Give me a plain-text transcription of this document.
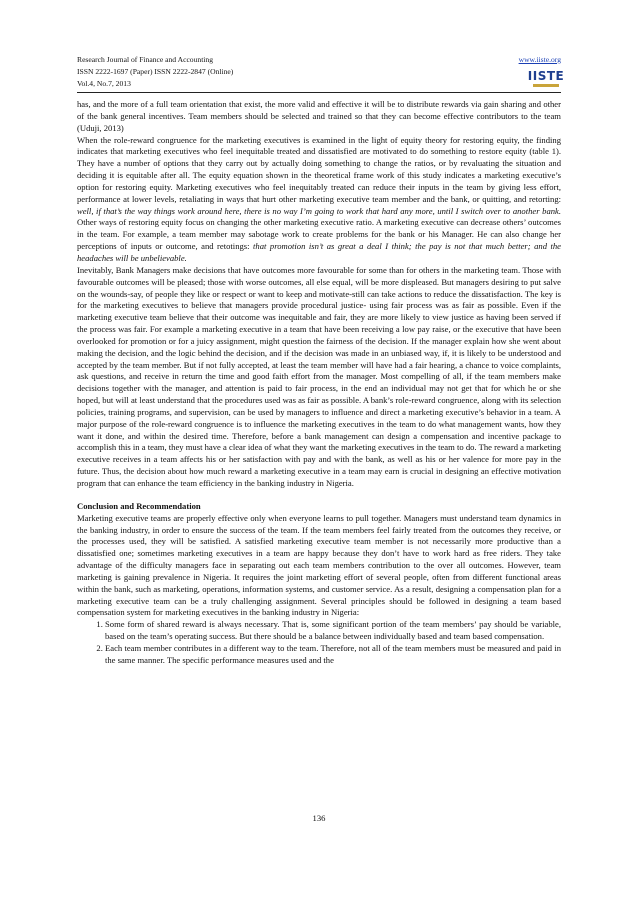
Research Journal of Finance and Accounting
ISSN 2222-1697 (Paper) ISSN 2222-2847 (Online)
Vol.4, No.7, 2013
www.iiste.org
IISTE

has, and the more of a full team orientation that exist, the more valid and effective it will be to distribute rewards via gain sharing and other of the bank general incentives. Team members should be selected and trained so that they can become effective contributors to the team (Uduji, 2013)

When the role-reward congruence for the marketing executives is examined in the light of equity theory for restoring equity, the finding indicates that marketing executives who feel inequitable treated and dissatisfied are motivated to do something to restore equity (table 1). They have a number of options that they carry out by actually doing something to change the ratios, or by revaluating the situation and deciding it is equitable after all. The equity equation shown in the theoretical frame work of this study indicates a marketing executive’s option for restoring equity. Marketing executives who feel inequitably treated can reduce their inputs in the team by giving less effort, performance at lower levels, retaliating in ways that hurt other marketing executive team member and the bank, or quitting, and retorting: well, if that’s the way things work around here, there is no way I’m going to work that hard any more, until I switch over to another bank. Other ways of restoring equity focus on changing the other marketing executive ratio. A marketing executive can decrease others’ outcomes in the team. For example, a team member may sabotage work to create problems for the bank or his Manager. He can also change her perceptions of inputs or outcome, and retotings: that promotion isn’t as great a deal I think; the pay is not that much better; and the headaches will be unbelievable.

Inevitably, Bank Managers make decisions that have outcomes more favourable for some than for others in the marketing team. Those with favourable outcomes will be pleased; those with worse outcomes, all else equal, will be more displeased. But managers desiring to put salve on the wounds-say, of people they like or respect or want to keep and motivate-still can take actions to reduce the dissatisfaction. The key is for the marketing executives to believe that managers provide procedural justice- using fair process was as fair as possible. Even if the marketing executive team believe that their outcome was inequitable and fair, they are more likely to view justice as having been served if the process was fair. For example a marketing executive in a team that have been receiving a low pay raise, or the executive that have been overlooked for promotion or for a juicy assignment, might question the fairness of the decision. If the manager explain how she went about making the decision, and the logic behind the decision, and if the decision was made in an unbiased way, if, it is likely to be understood and accepted by the team member. But if not fully accepted, at least the team member will have had a fair hearing, a chance to voice complaints, ask questions, and receive in return the time and good faith effort from the manager. Most compelling of all, if the team members make decisions together with the manager, and attention is paid to fair process, in the end an individual may not get that for which he or she hoped, but will at least understand that the procedures used was as fair as possible. A bank’s role-reward congruence, along with its selection policies, training programs, and supervision, can be used by managers to influence and direct a marketing executive’s behavior in a team. A major purpose of the role-reward congruence is to influence the marketing executives in the team to do what management wants, how they want it done, and within the desired time. Therefore, before a bank management can design a compensation and incentive package to accomplish this in a team, they must have a clear idea of what they want the marketing executives in the team to do. The reward a marketing executive receives in a team affects his or her satisfaction with pay and with the bank, as well as his or her valence for more pay in the future. Thus, the decision about how much reward a marketing executive in a team may earn is crucial in designing an effective motivation program that can enhance the team efficiency in the banking industry in Nigeria.

Conclusion and Recommendation

Marketing executive teams are properly effective only when everyone learns to pull together. Managers must understand team dynamics in the banking industry, in order to ensure the success of the team. If the team members feel fairly treated from the outcomes they receive, or the processes used, they will be satisfied. A satisfied marketing executive team member is not necessarily more productive than a dissatisfied one; sometimes marketing executives in a team are happy because they don’t have to work hard as free riders. They take advantage of the difficulty managers face in separating out each team members contribution to the over all outcomes. However, team marketing is gaining prevalence in Nigeria. It requires the joint marketing effort of several people, often from different functional areas within the bank, such as marketing, operations, information systems, and customer service. As a result, designing a compensation plan for a marketing executive team can be a truly challenging assignment. Several principles should be followed in designing a team based compensation system for marketing executives in the banking industry in Nigeria:

1. Some form of shared reward is always necessary. That is, some significant portion of the team members’ pay should be variable, based on the team’s operating success. But there should be a balance between individually based and team based compensation.
2. Each team member contributes in a different way to the team. Therefore, not all of the team members must be measured and paid in the same manner. The specific performance measures used and the
136
